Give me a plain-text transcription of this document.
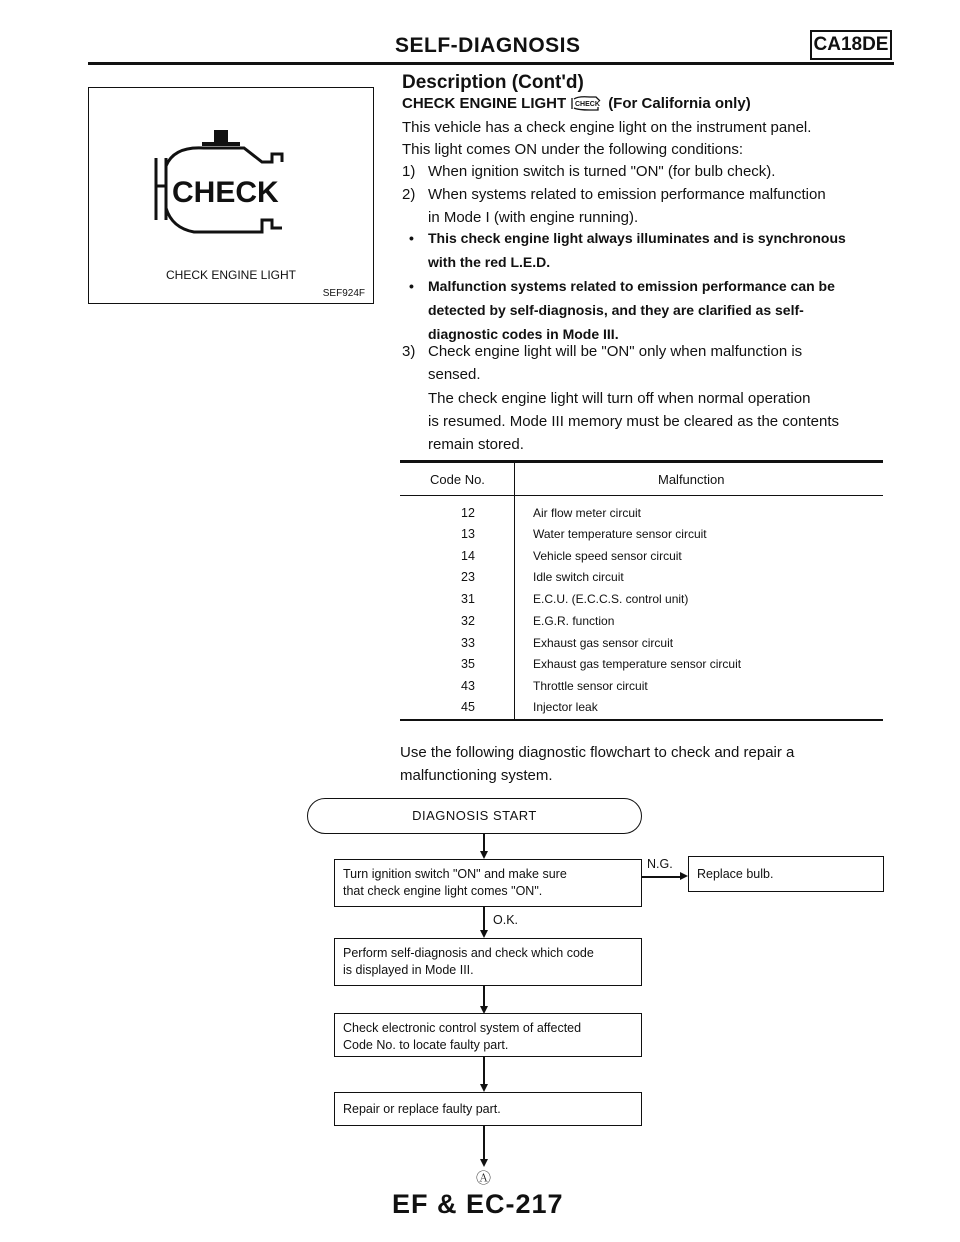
SELF-DIAGNOSIS	CA18DE
CHECK
CHECK ENGINE LIGHT
SEF924F
Description (Cont'd)
CHECK ENGINE LIGHT CHECK (For California only)
This vehicle has a check engine light on the instrument panel.
This light comes ON under the following conditions:
1) When ignition switch is turned "ON" (for bulb check).
2) When systems related to emission performance malfunction
in Mode I (with engine running).
• This check engine light always illuminates and is synchronous
with the red L.E.D.
• Malfunction systems related to emission performance can be
detected by self-diagnosis, and they are clarified as self-
diagnostic codes in Mode III.
3) Check engine light will be "ON" only when malfunction is
sensed.
The check engine light will turn off when normal operation
is resumed. Mode III memory must be cleared as the contents
remain stored.
Code No.	Malfunction
12	Air flow meter circuit
13	Water temperature sensor circuit
14	Vehicle speed sensor circuit
23	Idle switch circuit
31	E.C.U. (E.C.C.S. control unit)
32	E.G.R. function
33	Exhaust gas sensor circuit
35	Exhaust gas temperature sensor circuit
43	Throttle sensor circuit
45	Injector leak
Use the following diagnostic flowchart to check and repair a
malfunctioning system.
DIAGNOSIS START
Turn ignition switch "ON" and make sure
that check engine light comes "ON".
N.G.
Replace bulb.
O.K.
Perform self-diagnosis and check which code
is displayed in Mode III.
Check electronic control system of affected
Code No. to locate faulty part.
Repair or replace faulty part.
Ⓐ
EF & EC-217
